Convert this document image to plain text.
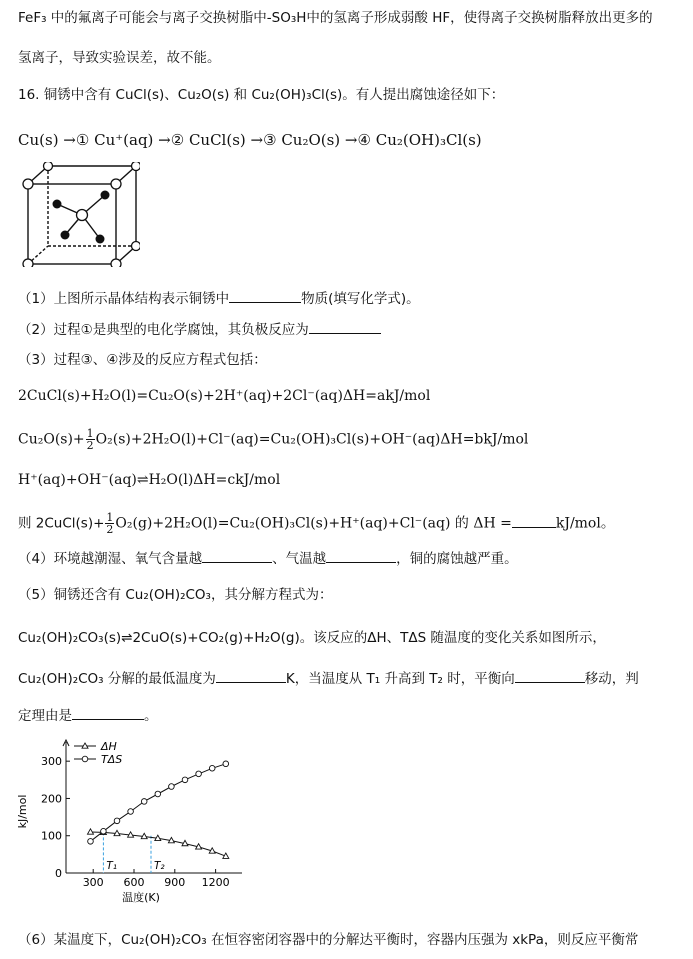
FeF₃ 中的氟离子可能会与离子交换树脂中-SO₃H中的氢离子形成弱酸 HF，使得离子交换树脂释放出更多的
氢离子，导致实验误差，故不能。
16. 铜锈中含有 CuCl(s)、Cu₂O(s) 和 Cu₂(OH)₃Cl(s)。有人提出腐蚀途径如下：
Cu(s) →① Cu⁺(aq) →② CuCl(s) →③ Cu₂O(s) →④ Cu₂(OH)₃Cl(s)
（1）上图所示晶体结构表示铜锈中	物质(填写化学式)。
（2）过程①是典型的电化学腐蚀，其负极反应为
（3）过程③、④涉及的反应方程式包括：
2CuCl(s)+H₂O(l)=Cu₂O(s)+2H⁺(aq)+2Cl⁻(aq)ΔH=akJ/mol
$Cu_2O(s)+ \frac{1}{2} O_2(s)+2H_2O(l)+Cl^-(aq)=Cu_2(OH)_3Cl(s)+OH^-(aq)\Delta H=bkJ/mol$
H⁺(aq)+OH⁻(aq)⇌H₂O(l)ΔH=ckJ/mol
则 2CuCl(s)+ $\frac{1}{2} O_2(g)+2H_2O(l)=Cu_2(OH)_3Cl(s)+H^+(aq)+Cl^-(aq)$ 的 ΔH =	kJ/mol。
（4）环境越潮湿、氧气含量越	、气温越	，铜的腐蚀越严重。
（5）铜锈还含有 Cu₂(OH)₂CO₃，其分解方程式为：
Cu₂(OH)₂CO₃(s)⇌2CuO(s)+CO₂(g)+H₂O(g)。该反应的ΔH、TΔS 随温度的变化关系如图所示，
Cu₂(OH)₂CO₃ 分解的最低温度为	K，当温度从 T₁ 升高到 T₂ 时，平衡向	移动，判
定理由是	。
300 600 900 1200
0
100
200
300
kJ/mol
温度(K)
T₁	T₂
ΔH
TΔS
（6）某温度下，Cu₂(OH)₂CO₃ 在恒容密闭容器中的分解达平衡时，容器内压强为 xkPa，则反应平衡常
